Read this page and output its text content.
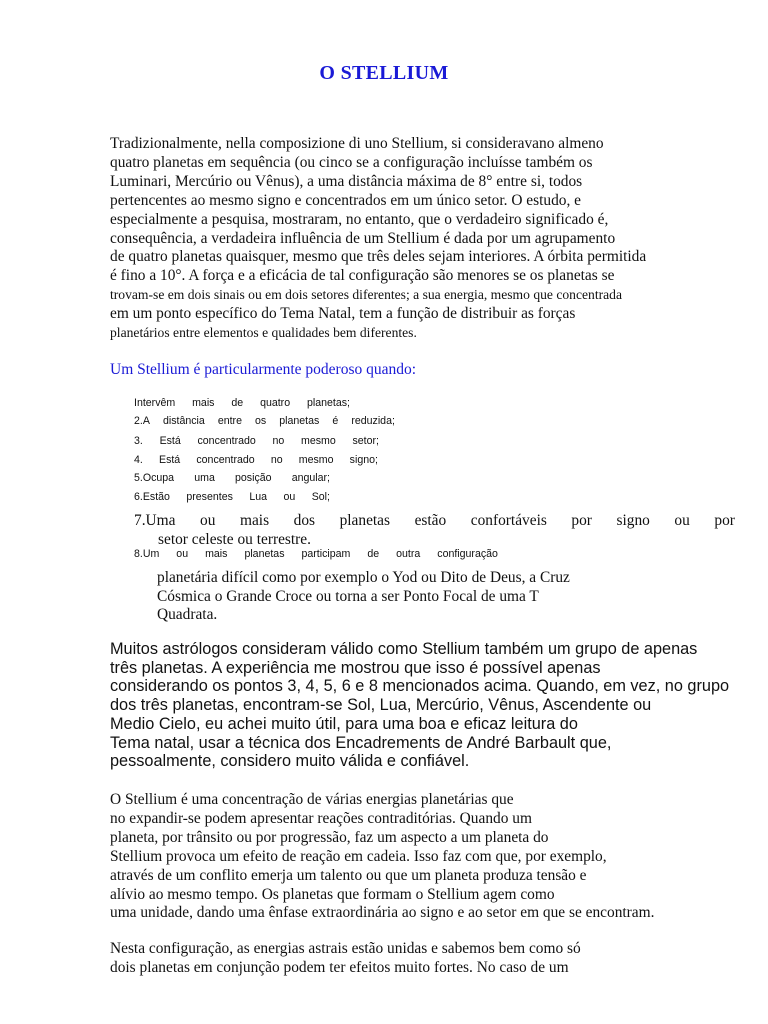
O STELLIUM
Tradizionalmente, nella composizione di uno Stellium, si consideravano almeno
quatro planetas em sequência (ou cinco se a configuração incluísse também os
Luminari, Mercúrio ou Vênus), a uma distância máxima de 8° entre si, todos
pertencentes ao mesmo signo e concentrados em um único setor. O estudo, e
especialmente a pesquisa, mostraram, no entanto, que o verdadeiro significado é,
consequência, a verdadeira influência de um Stellium é dada por um agrupamento
de quatro planetas quaisquer, mesmo que três deles sejam interiores. A órbita permitida
é fino a 10°. A força e a eficácia de tal configuração são menores se os planetas se
trovam-se em dois sinais ou em dois setores diferentes; a sua energia, mesmo que concentrada
em um ponto específico do Tema Natal, tem a função de distribuir as forças
planetários entre elementos e qualidades bem diferentes.
Um Stellium é particularmente poderoso quando:
Intervêm mais de quatro planetas;
2.A distância entre os planetas é reduzida;
3. Está concentrado no mesmo setor;
4. Está concentrado no mesmo signo;
5.Ocupa uma posição angular;
6.Estão presentes Lua ou Sol;
7.Uma ou mais dos planetas estão confortáveis por signo ou por
setor celeste ou terrestre.
8.Um ou mais planetas participam de outra configuração
planetária difícil como por exemplo o Yod ou Dito de Deus, a Cruz
Cósmica o Grande Croce ou torna a ser Ponto Focal de uma T
Quadrata.
Muitos astrólogos consideram válido como Stellium também um grupo de apenas
três planetas. A experiência me mostrou que isso é possível apenas
considerando os pontos 3, 4, 5, 6 e 8 mencionados acima. Quando, em vez, no grupo
dos três planetas, encontram-se Sol, Lua, Mercúrio, Vênus, Ascendente ou
Medio Cielo, eu achei muito útil, para uma boa e eficaz leitura do
Tema natal, usar a técnica dos Encadrements de André Barbault que,
pessoalmente, considero muito válida e confiável.
O Stellium é uma concentração de várias energias planetárias que
no expandir-se podem apresentar reações contraditórias. Quando um
planeta, por trânsito ou por progressão, faz um aspecto a um planeta do
Stellium provoca um efeito de reação em cadeia. Isso faz com que, por exemplo,
através de um conflito emerja um talento ou que um planeta produza tensão e
alívio ao mesmo tempo. Os planetas que formam o Stellium agem como
uma unidade, dando uma ênfase extraordinária ao signo e ao setor em que se encontram.
Nesta configuração, as energias astrais estão unidas e sabemos bem como só
dois planetas em conjunção podem ter efeitos muito fortes. No caso de um
